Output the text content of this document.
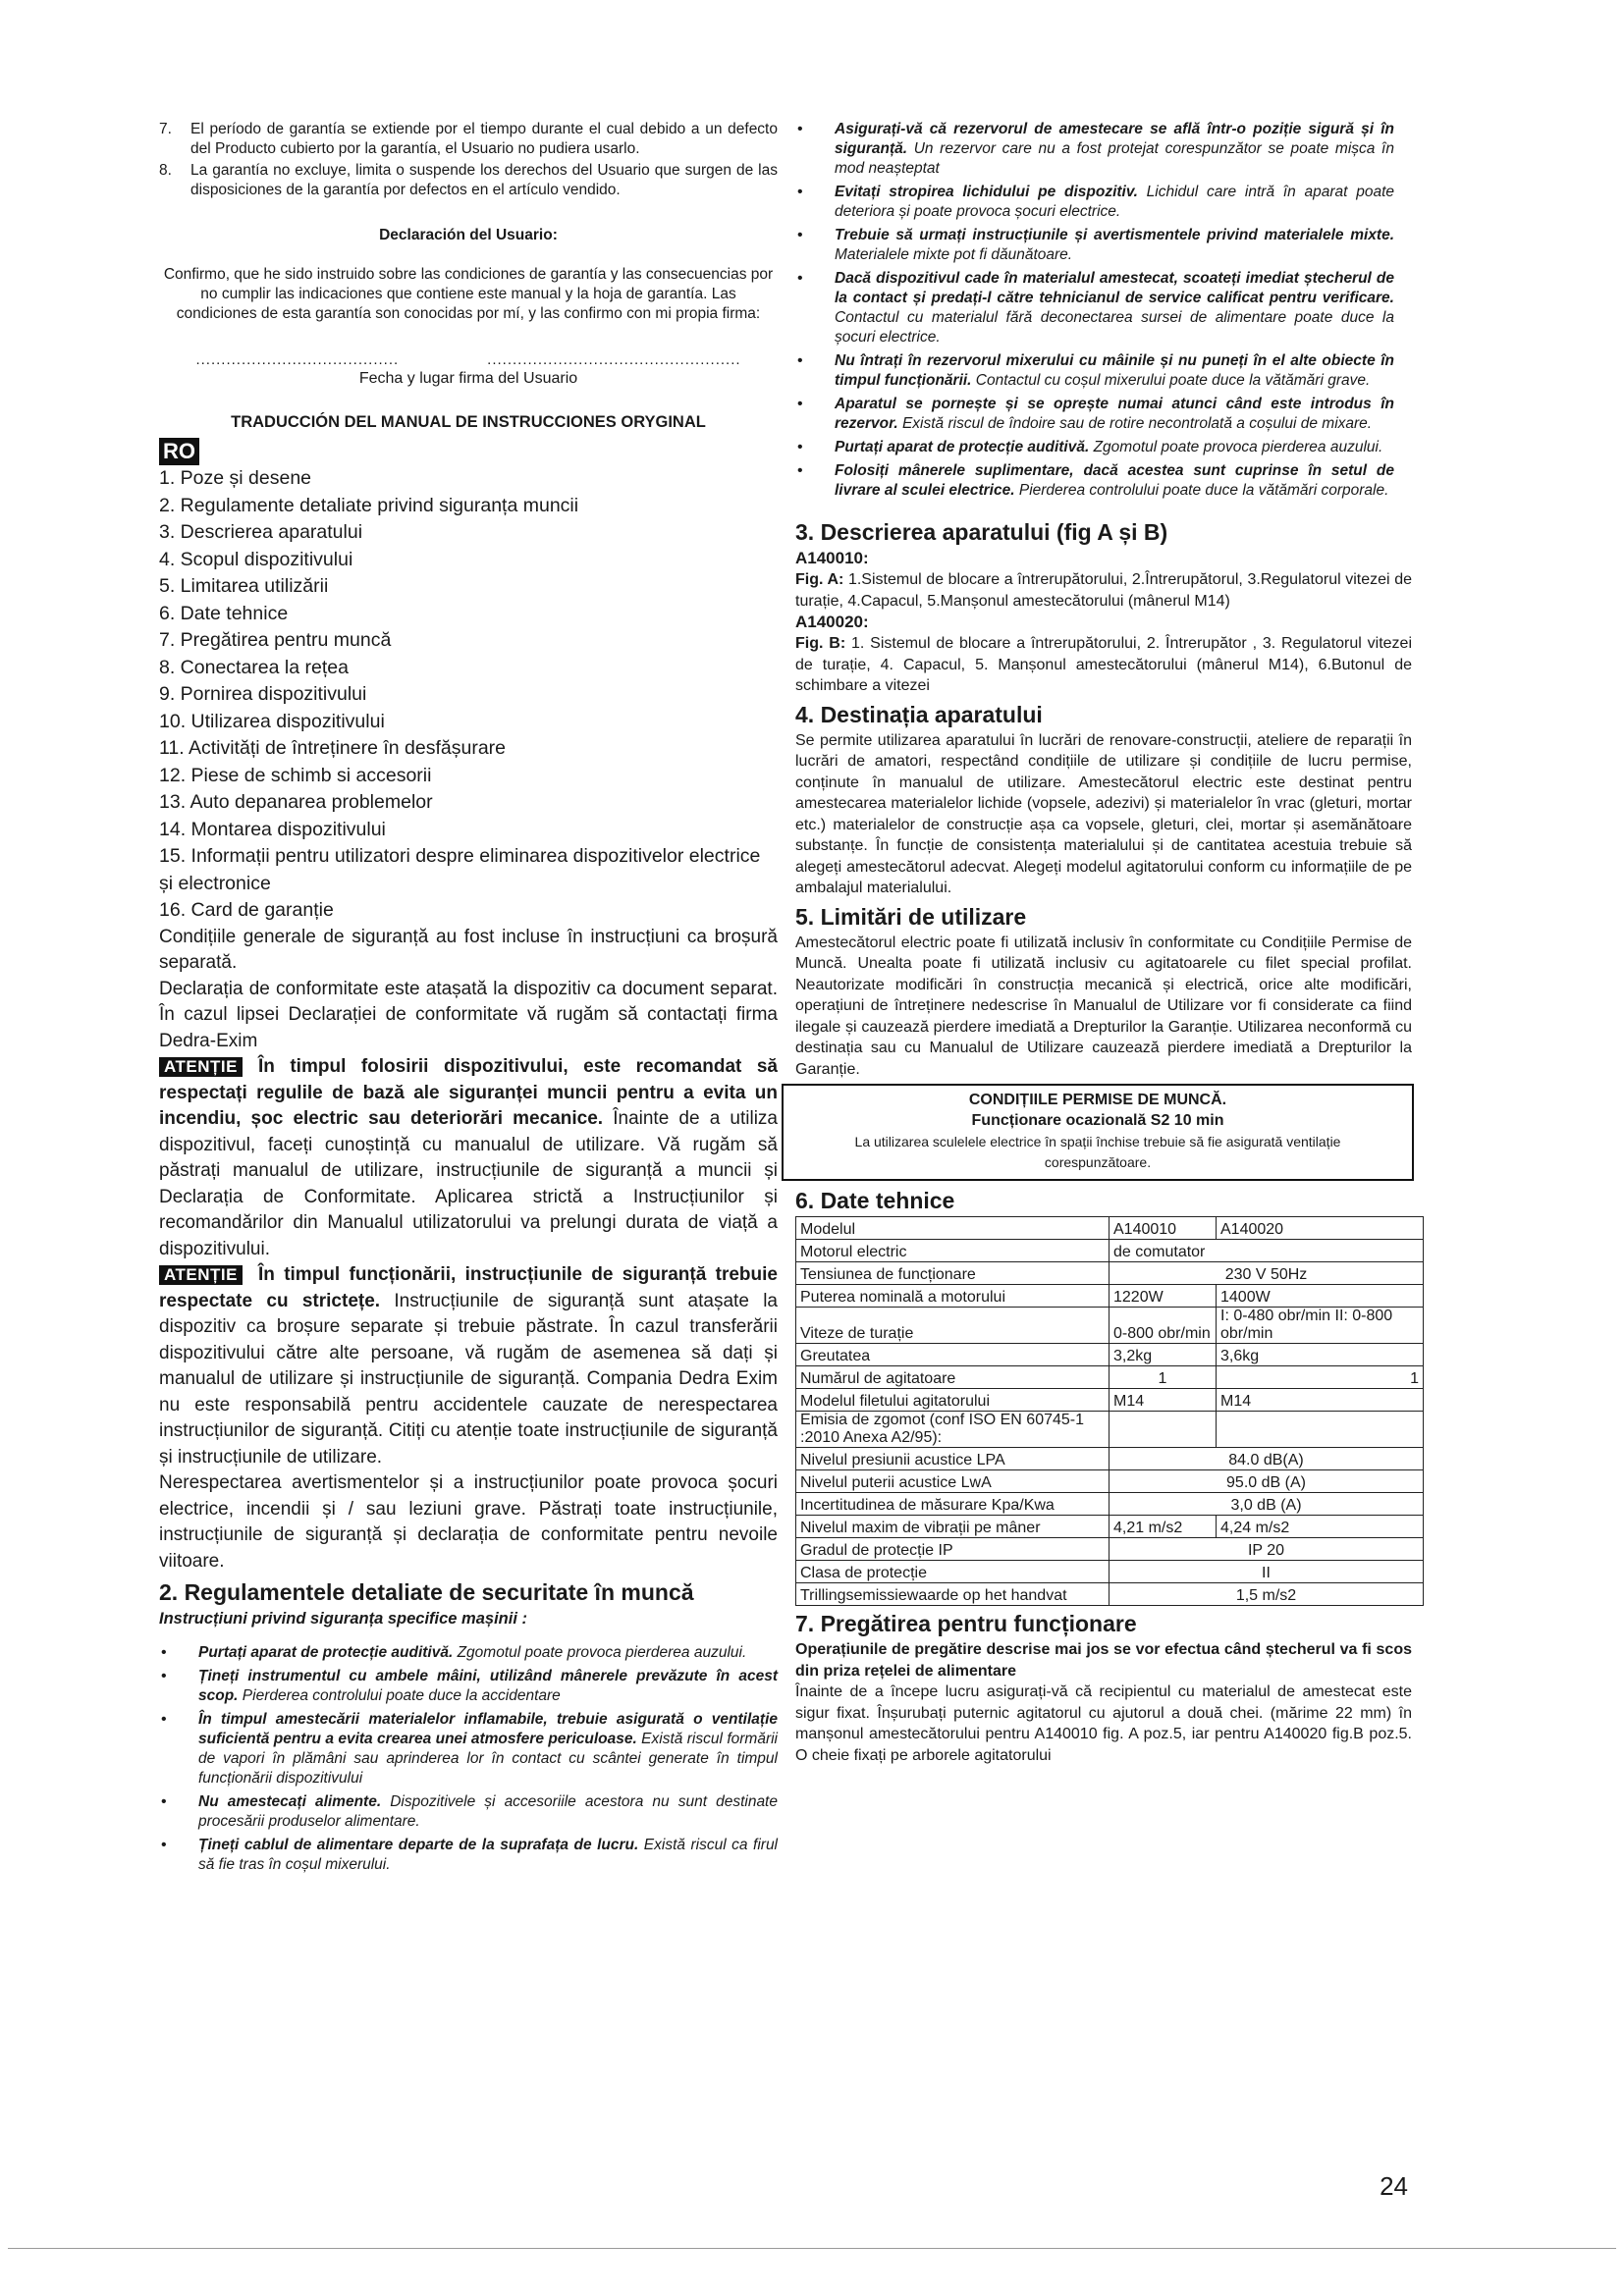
7.	El período de garantía se extiende por el tiempo durante el cual debido a un defecto del Producto cubierto por la garantía, el Usuario no pudiera usarlo.
8.	La garantía no excluye, limita o suspende los derechos del Usuario que surgen de las disposiciones de la garantía por defectos en el artículo vendido.
Declaración del Usuario:
Confirmo, que he sido instruido sobre las condiciones de garantía y las consecuencias por no cumplir las indicaciones que contiene este manual y la hoja de garantía. Las condiciones de esta garantía son conocidas por mí, y las confirmo con mi propia firma:
........................................	..................................................
Fecha y lugar firma del Usuario
TRADUCCIÓN DEL MANUAL DE INSTRUCCIONES ORYGINAL
RO
1. Poze și desene
2. Regulamente detaliate privind siguranța muncii
3. Descrierea aparatului
4. Scopul dispozitivului
5. Limitarea utilizării
6. Date tehnice
7. Pregătirea pentru muncă
8. Conectarea la rețea
9. Pornirea dispozitivului
10. Utilizarea dispozitivului
11. Activități de întreținere în desfășurare
12. Piese de schimb si accesorii
13. Auto depanarea problemelor
14. Montarea dispozitivului
15. Informații pentru utilizatori despre eliminarea dispozitivelor electrice și electronice
16. Card de garanție
Condițiile generale de siguranță au fost incluse în instrucțiuni ca broșură separată.
Declarația de conformitate este atașată la dispozitiv ca document separat. În cazul lipsei Declarației de conformitate vă rugăm să contactați firma Dedra-Exim
ATENȚIE În timpul folosirii dispozitivului, este recomandat să respectați regulile de bază ale siguranței muncii pentru a evita un incendiu, șoc electric sau deteriorări mecanice. Înainte de a utiliza dispozitivul, faceți cunoștință cu manualul de utilizare. Vă rugăm să păstrați manualul de utilizare, instrucțiunile de siguranță a muncii și Declarația de Conformitate. Aplicarea strictă a Instrucțiunilor și recomandărilor din Manualul utilizatorului va prelungi durata de viață a dispozitivului.
ATENȚIE În timpul funcționării, instrucțiunile de siguranță trebuie respectate cu strictețe. Instrucțiunile de siguranță sunt atașate la dispozitiv ca broșure separate și trebuie păstrate. În cazul transferării dispozitivului către alte persoane, vă rugăm de asemenea să dați și manualul de utilizare și instrucțiunile de siguranță. Compania Dedra Exim nu este responsabilă pentru accidentele cauzate de nerespectarea instrucțiunilor de siguranță. Citiți cu atenție toate instrucțiunile de siguranță și instrucțiunile de utilizare.
Nerespectarea avertismentelor și a instrucțiunilor poate provoca șocuri electrice, incendii și / sau leziuni grave. Păstrați toate instrucțiunile, instrucțiunile de siguranță și declarația de conformitate pentru nevoile viitoare.
2. Regulamentele detaliate de securitate în muncă
Instrucțiuni privind siguranța specifice mașinii :
• Purtați aparat de protecție auditivă. Zgomotul poate provoca pierderea auzului.
• Țineți instrumentul cu ambele mâini, utilizând mânerele prevăzute în acest scop. Pierderea controlului poate duce la accidentare
• În timpul amestecării materialelor inflamabile, trebuie asigurată o ventilație suficientă pentru a evita crearea unei atmosfere periculoase. Există riscul formării de vapori în plămâni sau aprinderea lor în contact cu scântei generate în timpul funcționării dispozitivului
• Nu amestecați alimente. Dispozitivele și accesoriile acestora nu sunt destinate procesării produselor alimentare.
• Țineți cablul de alimentare departe de la suprafața de lucru. Există riscul ca firul să fie tras în coșul mixerului.
• Asigurați-vă că rezervorul de amestecare se află într-o poziție sigură și în siguranță. Un rezervor care nu a fost protejat corespunzător se poate mișca în mod neașteptat
• Evitați stropirea lichidului pe dispozitiv. Lichidul care intră în aparat poate deteriora și poate provoca șocuri electrice.
• Trebuie să urmați instrucțiunile și avertismentele privind materialele mixte. Materialele mixte pot fi dăunătoare.
• Dacă dispozitivul cade în materialul amestecat, scoateți imediat ștecherul de la contact și predați-l către tehnicianul de service calificat pentru verificare. Contactul cu materialul fără deconectarea sursei de alimentare poate duce la șocuri electrice.
• Nu întrați în rezervorul mixerului cu mâinile și nu puneți în el alte obiecte în timpul funcționării. Contactul cu coșul mixerului poate duce la vătămări grave.
• Aparatul se pornește și se oprește numai atunci când este introdus în rezervor. Există riscul de îndoire sau de rotire necontrolată a coșului de mixare.
• Purtați aparat de protecție auditivă. Zgomotul poate provoca pierderea auzului.
• Folosiți mânerele suplimentare, dacă acestea sunt cuprinse în setul de livrare al sculei electrice. Pierderea controlului poate duce la vătămări corporale.
3. Descrierea aparatului (fig A și B)
A140010:
Fig. A: 1.Sistemul de blocare a întrerupătorului, 2.Întrerupătorul, 3.Regulatorul vitezei de turație, 4.Capacul, 5.Manșonul amestecătorului (mânerul M14)
A140020:
Fig. B: 1. Sistemul de blocare a întrerupătorului, 2. Întrerupător , 3. Regulatorul vitezei de turație, 4. Capacul, 5. Manșonul amestecătorului (mânerul M14), 6.Butonul de schimbare a vitezei
4. Destinația aparatului
Se permite utilizarea aparatului în lucrări de renovare-construcții, ateliere de reparații în lucrări de amatori, respectând condițiile de utilizare și condițiile de lucru permise, conținute în manualul de utilizare. Amestecătorul electric este destinat pentru amestecarea materialelor lichide (vopsele, adezivi) și materialelor în vrac (gleturi, mortar etc.) materialelor de construcție așa ca vopsele, gleturi, clei, mortar și asemănătoare substanțe. În funcție de consistența materialului și de cantitatea acestuia trebuie să alegeți amestecătorul adecvat. Alegeți modelul agitatorului conform cu informațiile de pe ambalajul materialului.
5. Limitări de utilizare
Amestecătorul electric poate fi utilizată inclusiv în conformitate cu Condițiile Permise de Muncă. Unealta poate fi utilizată inclusiv cu agitatoarele cu filet special profilat. Neautorizate modificări în construcția mecanică și electrică, orice alte modificări, operațiuni de întreținere nedescrise în Manualul de Utilizare vor fi considerate ca fiind ilegale și cauzează pierdere imediată a Drepturilor la Garanție. Utilizarea neconformă cu destinația sau cu Manualul de Utilizare cauzează pierdere imediată a Drepturilor la Garanție.
CONDIȚIILE PERMISE DE MUNCĂ.
Funcționare ocazională S2 10 min
La utilizarea sculelele electrice în spații închise trebuie să fie asigurată ventilație corespunzătoare.
6. Date tehnice
Modelul	A140010	A140020
Motorul electric	de comutator	
Tensiunea de funcționare	230 V 50Hz	
Puterea nominală a motorului	1220W	1400W
Viteze de turație	0-800 obr/min	I: 0-480 obr/min II: 0-800 obr/min
Greutatea	3,2kg	3,6kg
Numărul de agitatoare	1	1
Modelul filetului agitatorului	M14	M14
Emisia de zgomot (conf ISO EN 60745-1 :2010 Anexa A2/95):		
Nivelul presiunii acustice LPA	84.0 dB(A)	
Nivelul puterii acustice LwA	95.0 dB (A)	
Incertitudinea de măsurare Kpa/Kwa	3,0 dB (A)	
Nivelul maxim de vibrații pe mâner	4,21 m/s2	4,24 m/s2
Gradul de protecție IP	IP 20	
Clasa de protecție	II	
Trillingsemissiewaarde op het handvat	1,5 m/s2	
7. Pregătirea pentru funcționare
Operațiunile de pregătire descrise mai jos se vor efectua când ștecherul va fi scos din priza rețelei de alimentare
Înainte de a începe lucru asigurați-vă că recipientul cu materialul de amestecat este sigur fixat. Înșurubați puternic agitatorul cu ajutorul a două chei. (mărime 22 mm) în manșonul amestecătorului pentru A140010 fig. A poz.5, iar pentru A140020 fig.B poz.5. O cheie fixați pe arborele agitatorului
24
